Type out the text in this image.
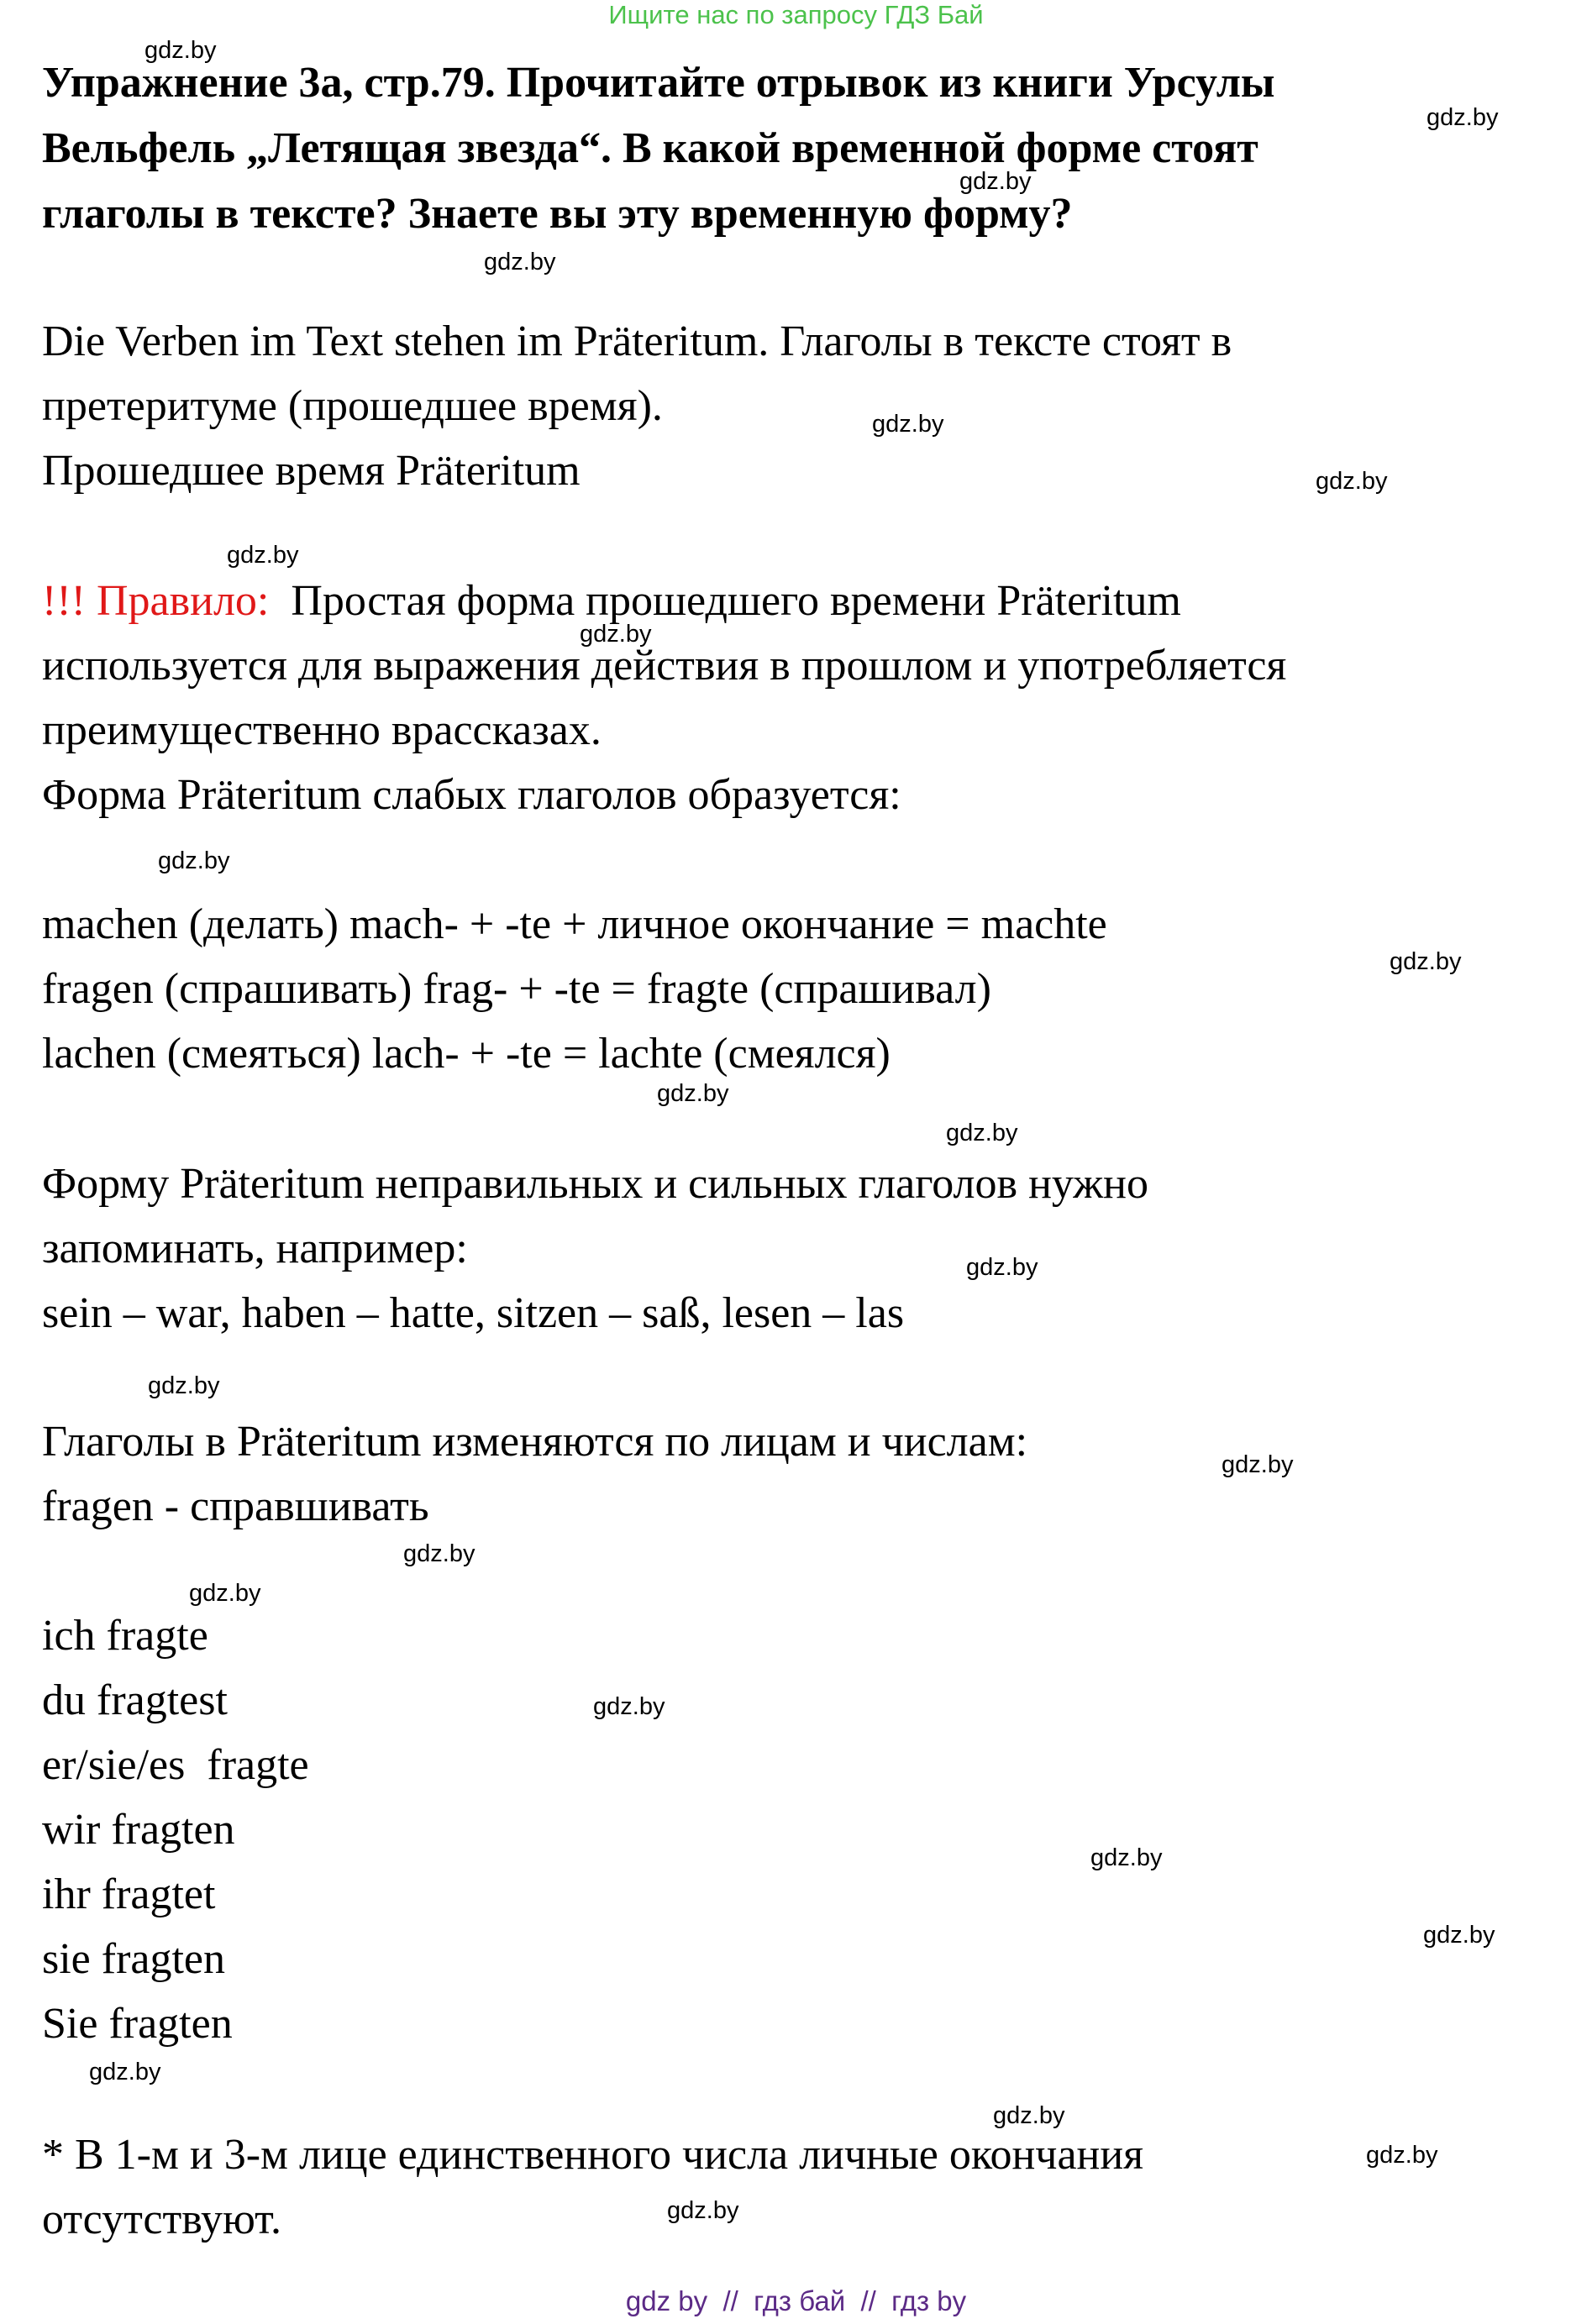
Ищите нас по запросу ГДЗ Бай
Упражнение 3а, стр.79. Прочитайте отрывок из книги Урсулы
Вельфель „Летящая звезда“. В какой временной форме стоят
глаголы в тексте? Знаете вы эту временную форму?
Die Verben im Text stehen im Präteritum. Глаголы в тексте стоят в
претеритуме (прошедшее время).
Прошедшее время Präteritum
!!! Правило:  Простая форма прошедшего времени Präteritum
используется для выражения действия в прошлом и употребляется
преимущественно врассказах.
Форма Präteritum слабых глаголов образуется:
machen (делать) mach- + -te + личное окончание = machte
fragen (спрашивать) frag- + -te = fragte (спрашивал)
lachen (смеяться) lach- + -te = lachte (смеялся)
Форму Präteritum неправильных и сильных глаголов нужно
запоминать, например:
sein – war, haben – hatte, sitzen – saß, lesen – las
Глаголы в Präteritum изменяются по лицам и числам:
fragen - справшивать
ich fragte
du fragtest
er/sie/es  fragte
wir fragten
ihr fragtet
sie fragten
Sie fragten
* В 1-м и 3-м лице единственного числа личные окончания
отсутствуют.
gdz.by
gdz.by
gdz.by
gdz.by
gdz.by
gdz.by
gdz.by
gdz.by
gdz.by
gdz.by
gdz.by
gdz.by
gdz.by
gdz.by
gdz.by
gdz.by
gdz.by
gdz.by
gdz.by
gdz.by
gdz.by
gdz.by
gdz.by
gdz.by
gdz by  //  гдз бай  //  гдз by
